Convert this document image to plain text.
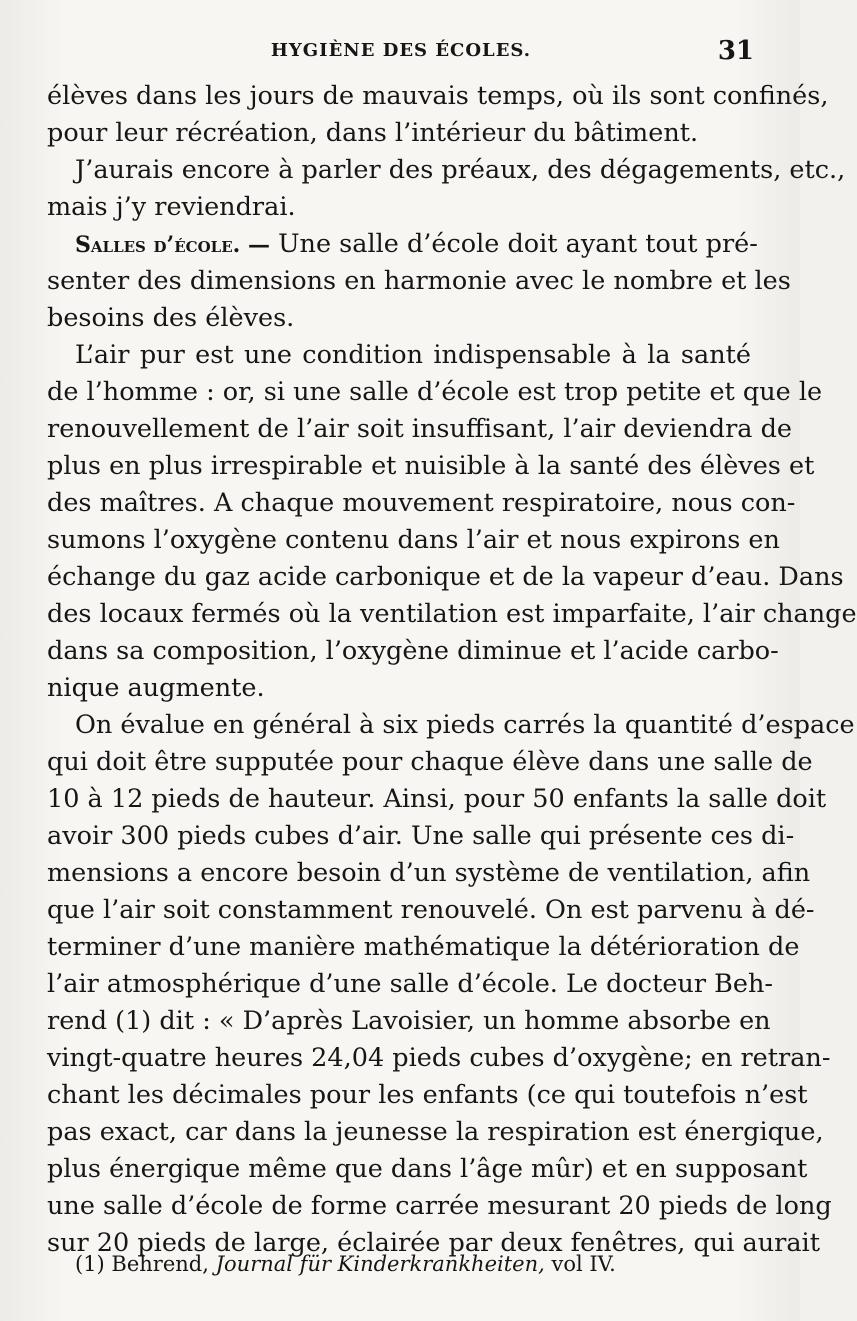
HYGIÈNE DES ÉCOLES.	31
élèves dans les jours de mauvais temps, où ils sont confinés,
pour leur récréation, dans l’intérieur du bâtiment.
J’aurais encore à parler des préaux, des dégagements, etc.,
mais j’y reviendrai.
Salles d’école. — Une salle d’école doit ayant tout pré-
senter des dimensions en harmonie avec le nombre et les
besoins des élèves.
L’air pur est une condition indispensable à la santé
de l’homme : or, si une salle d’école est trop petite et que le
renouvellement de l’air soit insuffisant, l’air deviendra de
plus en plus irrespirable et nuisible à la santé des élèves et
des maîtres. A chaque mouvement respiratoire, nous con-
sumons l’oxygène contenu dans l’air et nous expirons en
échange du gaz acide carbonique et de la vapeur d’eau. Dans
des locaux fermés où la ventilation est imparfaite, l’air change
dans sa composition, l’oxygène diminue et l’acide carbo-
nique augmente.
On évalue en général à six pieds carrés la quantité d’espace
qui doit être supputée pour chaque élève dans une salle de
10 à 12 pieds de hauteur. Ainsi, pour 50 enfants la salle doit
avoir 300 pieds cubes d’air. Une salle qui présente ces di-
mensions a encore besoin d’un système de ventilation, afin
que l’air soit constamment renouvelé. On est parvenu à dé-
terminer d’une manière mathématique la détérioration de
l’air atmosphérique d’une salle d’école. Le docteur Beh-
rend (1) dit : « D’après Lavoisier, un homme absorbe en
vingt-quatre heures 24,04 pieds cubes d’oxygène; en retran-
chant les décimales pour les enfants (ce qui toutefois n’est
pas exact, car dans la jeunesse la respiration est énergique,
plus énergique même que dans l’âge mûr) et en supposant
une salle d’école de forme carrée mesurant 20 pieds de long
sur 20 pieds de large, éclairée par deux fenêtres, qui aurait
(1) Behrend, Journal für Kinderkrankheiten, vol IV.
